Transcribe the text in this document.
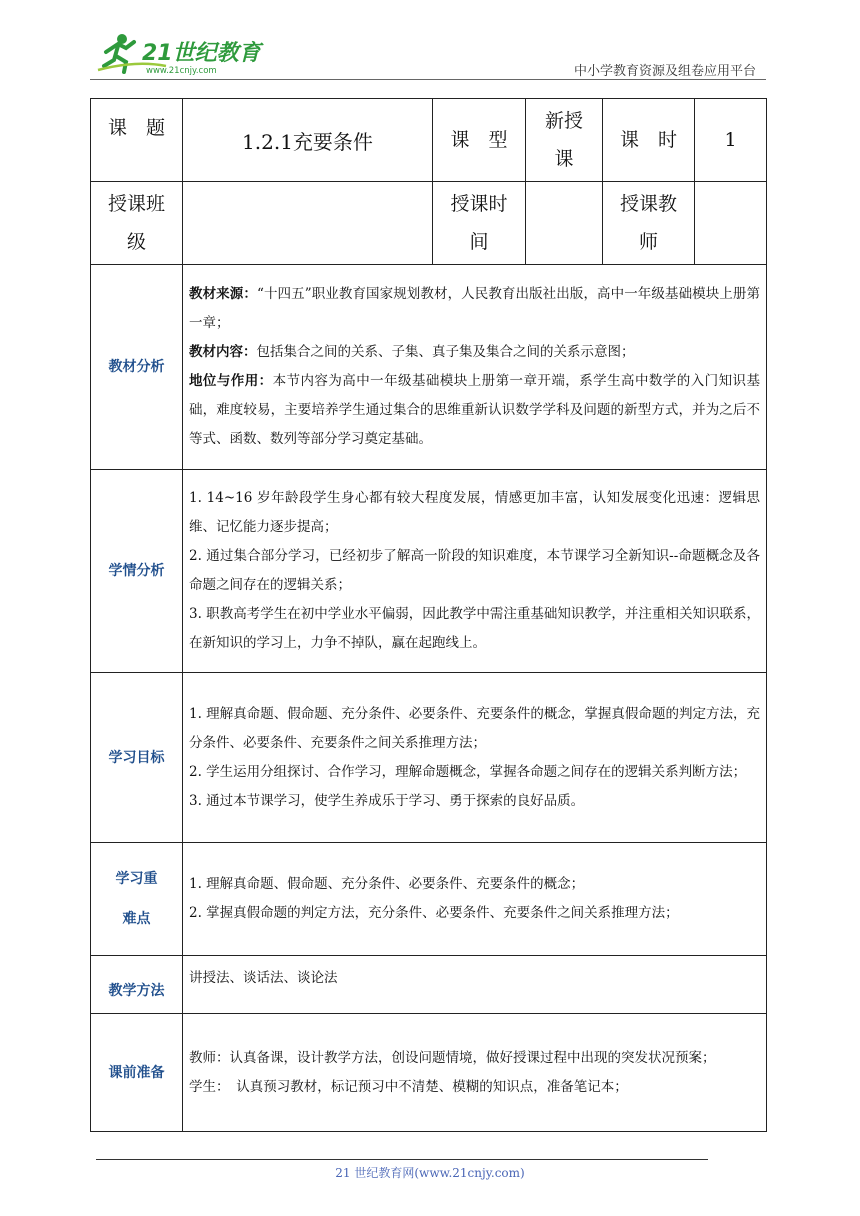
21世纪教育
www.21cnjy.com	中小学教育资源及组卷应用平台
课　题	1.2.1充要条件	课　型	新授课	课　时	1
授课班级		授课时间		授课教师	
教材分析	教材来源：“十四五”职业教育国家规划教材，人民教育出版社出版，高中一年级基础模块上册第一章；

教材内容：包括集合之间的关系、子集、真子集及集合之间的关系示意图；

地位与作用：本节内容为高中一年级基础模块上册第一章开端，系学生高中数学的入门知识基础，难度较易，主要培养学生通过集合的思维重新认识数学学科及问题的新型方式，并为之后不等式、函数、数列等部分学习奠定基础。				

学情分析	1. 14~16 岁年龄段学生身心都有较大程度发展，情感更加丰富，认知发展变化迅速：逻辑思维、记忆能力逐步提高；

2. 通过集合部分学习，已经初步了解高一阶段的知识难度，本节课学习全新知识--命题概念及各命题之间存在的逻辑关系；

3. 职教高考学生在初中学业水平偏弱，因此教学中需注重基础知识教学，并注重相关知识联系，在新知识的学习上，力争不掉队，赢在起跑线上。				

学习目标	1. 理解真命题、假命题、充分条件、必要条件、充要条件的概念，掌握真假命题的判定方法，充分条件、必要条件、充要条件之间关系推理方法；

2. 学生运用分组探讨、合作学习，理解命题概念，掌握各命题之间存在的逻辑关系判断方法；

3. 通过本节课学习，使学生养成乐于学习、勇于探索的良好品质。				

学习重难点	1. 理解真命题、假命题、充分条件、必要条件、充要条件的概念；

2. 掌握真假命题的判定方法，充分条件、必要条件、充要条件之间关系推理方法；				

教学方法	讲授法、谈话法、谈论法				
课前准备	教师：认真备课，设计教学方法，创设问题情境，做好授课过程中出现的突发状况预案；

学生：　认真预习教材，标记预习中不清楚、模糊的知识点，准备笔记本；				

21 世纪教育网(www.21cnjy.com)
